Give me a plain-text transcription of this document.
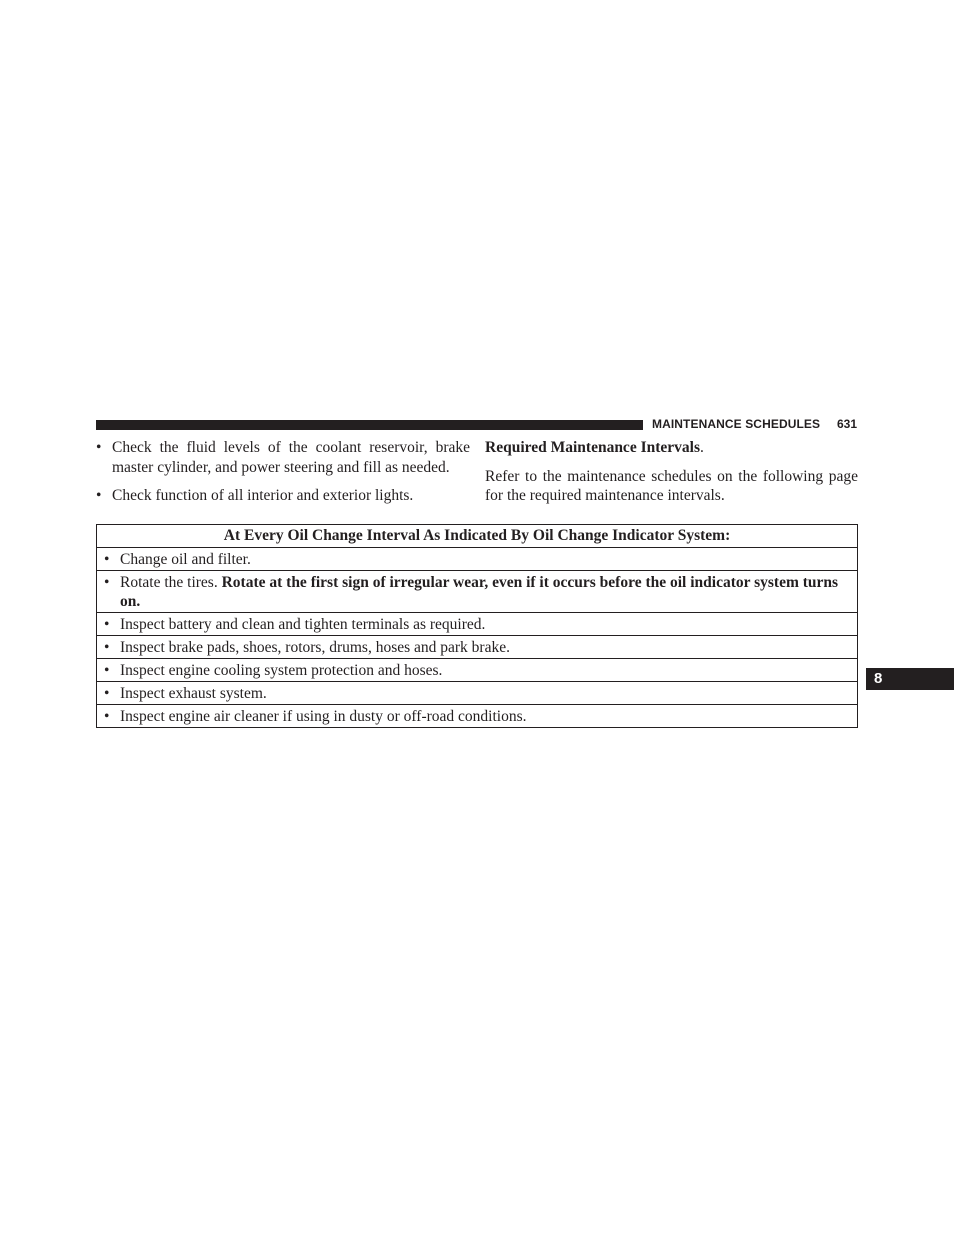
MAINTENANCE SCHEDULES 631
• Check the fluid levels of the coolant reservoir, brake master cylinder, and power steering and fill as needed.
• Check function of all interior and exterior lights.

Required Maintenance Intervals.

Refer to the maintenance schedules on the following page for the required maintenance intervals.

At Every Oil Change Interval As Indicated By Oil Change Indicator System:
• Change oil and filter.
• Rotate the tires. Rotate at the first sign of irregular wear, even if it occurs before the oil indicator system turns on.
• Inspect battery and clean and tighten terminals as required.
• Inspect brake pads, shoes, rotors, drums, hoses and park brake.
• Inspect engine cooling system protection and hoses.
• Inspect exhaust system.
• Inspect engine air cleaner if using in dusty or off-road conditions.
8
